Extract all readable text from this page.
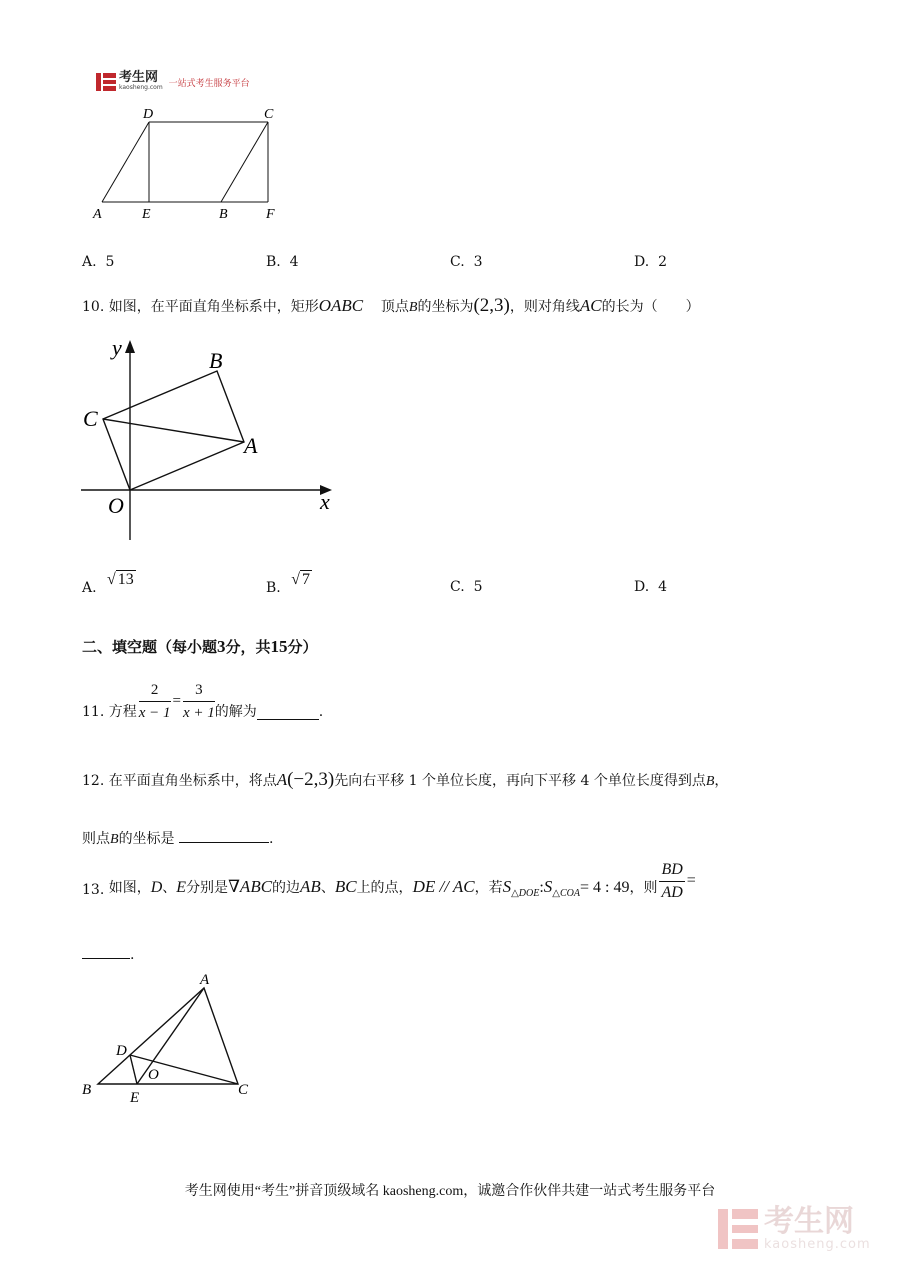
考生网
kaosheng.com 一站式考生服务平台
A	E	B	F
D	C
A. 5	B. 4	C. 3	D. 2
10. 如图，在平面直角坐标系中，矩形OABC 顶点B的坐标为(2,3)，则对角线AC的长为（　　）
y
x
O
A
B
C
A. √ 13	B. √ 7	C. 5	D. 4
二、填空题（每小题3分，共15分）
11.
方程 $\frac{2}{x - 1} = \frac{3}{x + 1}$ 的解为	.
12. 在平面直角坐标系中，将点A(−2,3)先向右平移 1 个单位长度，再向下平移 4 个单位长度得到点B，
则点B的坐标是	.
13.
如图，D、E分别是∇ABC的边AB、BC上的点，DE // AC，若$S_{\triangle DOE}:S_{\triangle COA}= 4$ : 49，则 $\frac{BD}{AD}$ =
.
A
B	C
D
E
O
考生网使用“考生”拼音顶级域名 kaosheng.com，诚邀合作伙伴共建一站式考生服务平台
考生网
kaosheng.com
